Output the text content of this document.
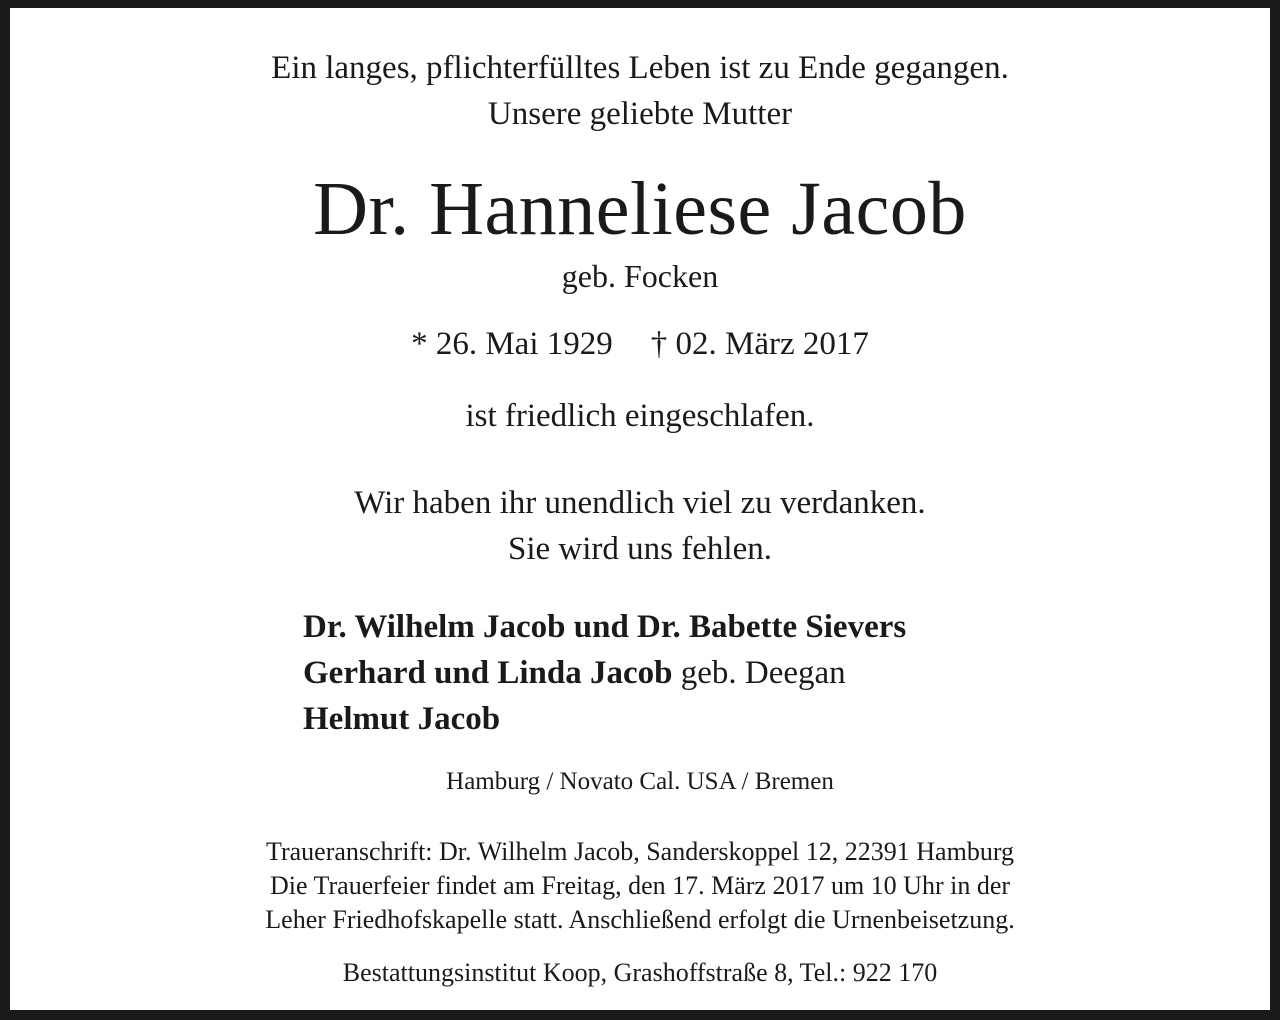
Ein langes, pflichterfülltes Leben ist zu Ende gegangen.
Unsere geliebte Mutter
Dr. Hanneliese Jacob
geb. Focken
* 26. Mai 1929 † 02. März 2017
ist friedlich eingeschlafen.
Wir haben ihr unendlich viel zu verdanken.
Sie wird uns fehlen.
Dr. Wilhelm Jacob und Dr. Babette Sievers
Gerhard und Linda Jacob geb. Deegan
Helmut Jacob
Hamburg / Novato Cal. USA / Bremen
Traueranschrift: Dr. Wilhelm Jacob, Sanderskoppel 12, 22391 Hamburg
Die Trauerfeier findet am Freitag, den 17. März 2017 um 10 Uhr in der
Leher Friedhofskapelle statt. Anschließend erfolgt die Urnenbeisetzung.
Bestattungsinstitut Koop, Grashoffstraße 8, Tel.: 922 170
